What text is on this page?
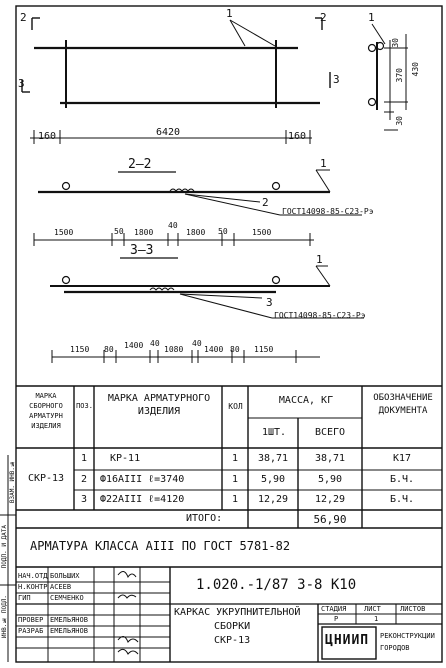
2	2
3	3
1	1
160	6420	160
30
370 430
30
2—2	1
2
ГОСТ14098-85-С23-Рэ
1500	50 1800
40
1800 50	1500
3—3
1
3
ГОСТ14098-85-С23-Рэ
1150 80 1400 40
1080
40
1400 80 1150
МАРКА СБОРНОГО АРМАТУРН ИЗДЕЛИЯ
ПОЗ.
МАРКА АРМАТУРНОГО ИЗДЕЛИЯ	КОЛ
МАССА, КГ
1ШТ.	ВСЕГО
ОБОЗНАЧЕНИЕ ДОКУМЕНТА
СКР-13
1	КР-11	1	38,71	38,71	К17
2	Ф16АIII ℓ=3740	1	5,90	5,90	Б.Ч.
3	Ф22АIII ℓ=4120	1	12,29	12,29	Б.Ч.
ИТОГО:	56,90
АРМАТУРА КЛАССА АIII ПО ГОСТ 5781-82
НАЧ.ОТД
Н.КОНТР
ГИП
ПРОВЕР
РАЗРАБ
БОЛЬШИХ
АСЕЕВ
СЕМЧЕНКО
ЕМЕЛЬЯНОВ
ЕМЕЛЬЯНОВ
1.020.-1/87 3-8 К10
КАРКАС УКРУПНИТЕЛЬНОЙ
СБОРКИ
СКР-13
СТАДИЯ
Р
ЛИСТ
1
ЛИСТОВ
ЦНИИП РЕКОНСТРУКЦИИ ГОРОДОВ
ИНВ.№ ПОДЛ.
ПОДП. И ДАТА
ВЗАМ. ИНВ.№
